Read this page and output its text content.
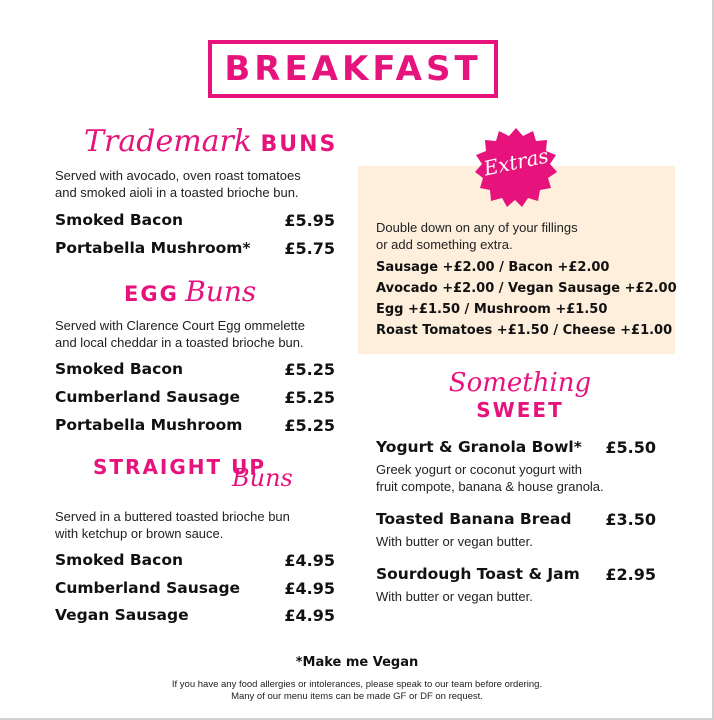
BREAKFAST
Trademark BUNS
Served with avocado, oven roast tomatoes
and smoked aioli in a toasted brioche bun.
Smoked Bacon	£5.95
Portabella Mushroom*	£5.75
EGG Buns
Served with Clarence Court Egg ommelette
and local cheddar in a toasted brioche bun.
Smoked Bacon	£5.25
Cumberland Sausage	£5.25
Portabella Mushroom	£5.25
STRAIGHT UP
Buns
Served in a buttered toasted brioche bun
with ketchup or brown sauce.
Smoked Bacon	£4.95
Cumberland Sausage	£4.95
Vegan Sausage	£4.95
Extras
Double down on any of your fillings
or add something extra.
Sausage +£2.00 / Bacon +£2.00
Avocado +£2.00 / Vegan Sausage +£2.00
Egg +£1.50 / Mushroom +£1.50
Roast Tomatoes +£1.50 / Cheese +£1.00
Something
SWEET
Yogurt & Granola Bowl*	£5.50
Greek yogurt or coconut yogurt with
fruit compote, banana & house granola.
Toasted Banana Bread	£3.50
With butter or vegan butter.
Sourdough Toast & Jam	£2.95
With butter or vegan butter.
*Make me Vegan
If you have any food allergies or intolerances, please speak to our team before ordering.
Many of our menu items can be made GF or DF on request.
